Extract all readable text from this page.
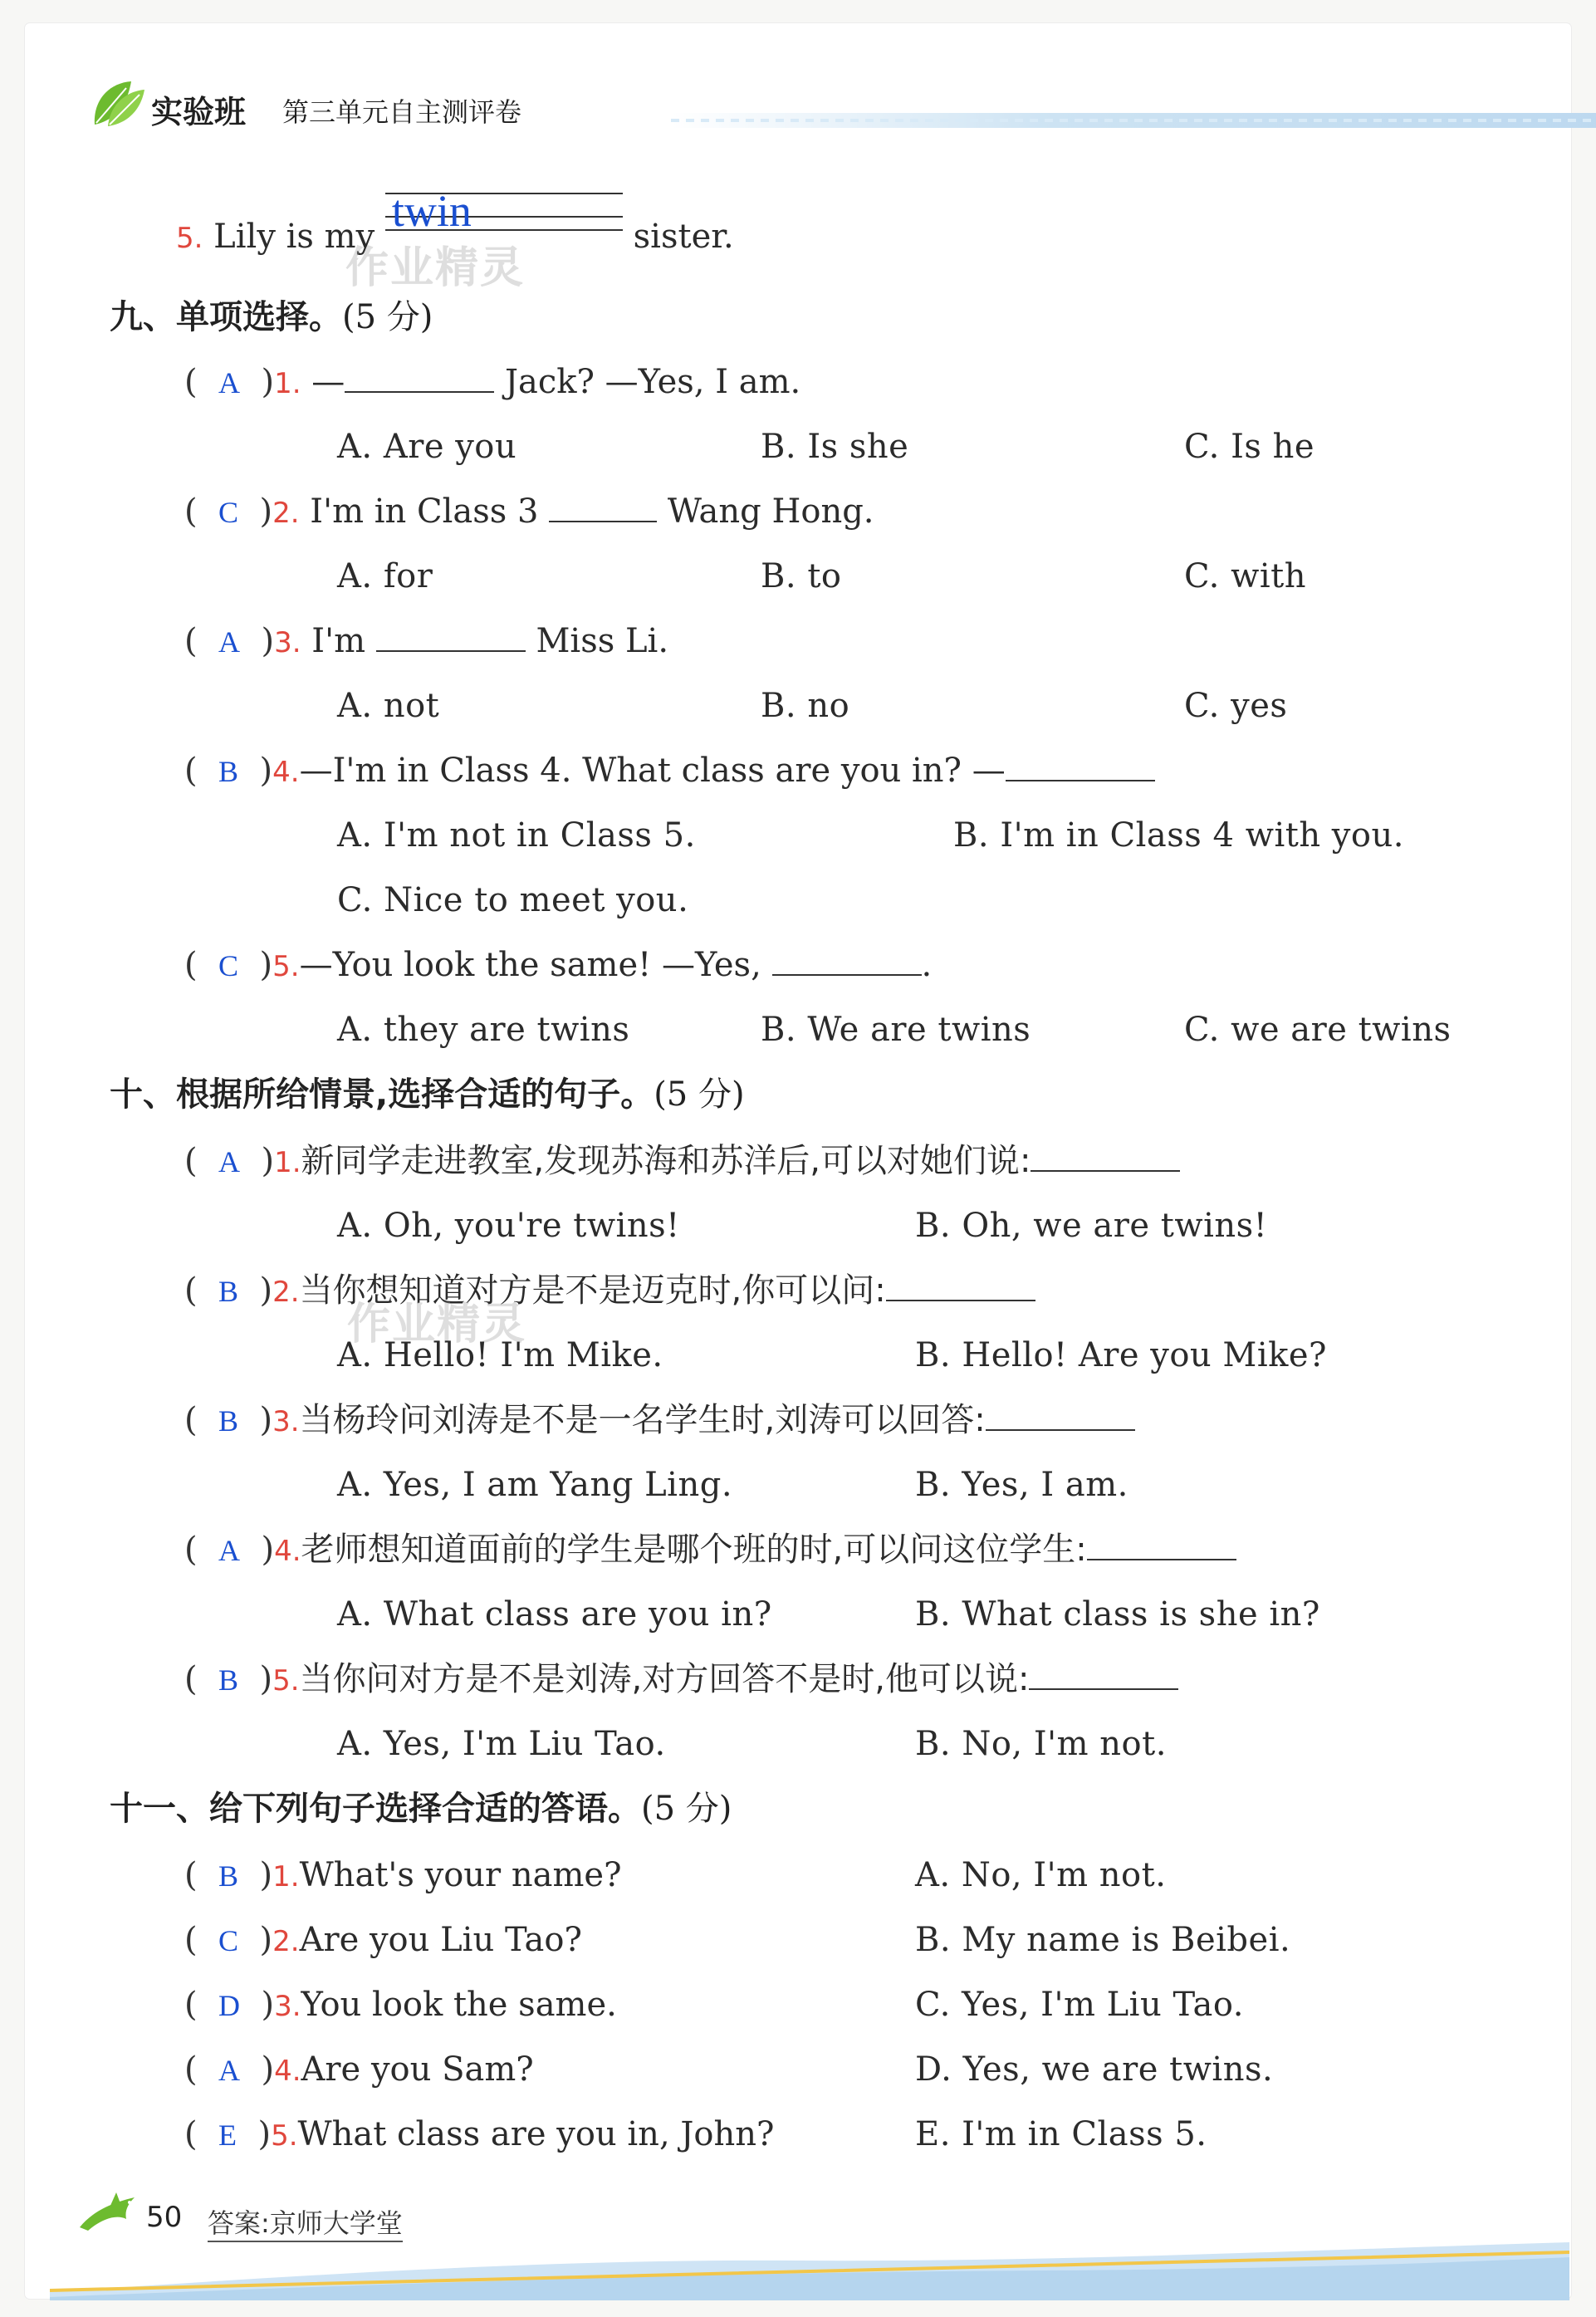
实验班 第三单元自主测评卷
5. Lily is my
twin
sister.
作业精灵
九、单项选择。(5 分)
( A )1. —	Jack? —Yes, I am.
A. Are you	B. Is she	C. Is he
( C )2. I'm in Class 3	Wang Hong.
A. for	B. to	C. with
( A )3. I'm	Miss Li.
A. not	B. no	C. yes
( B )4.—I'm in Class 4. What class are you in? —
A. I'm not in Class 5.	B. I'm in Class 4 with you.
C. Nice to meet you.
( C )5.—You look the same! —Yes,	.
A. they are twins	B. We are twins	C. we are twins
十、根据所给情景,选择合适的句子。(5 分)
( A )1.新同学走进教室,发现苏海和苏洋后,可以对她们说:
A. Oh, you're twins!	B. Oh, we are twins!
( B )2.当你想知道对方是不是迈克时,你可以问:
作业精灵
A. Hello! I'm Mike.	B. Hello! Are you Mike?
( B )3.当杨玲问刘涛是不是一名学生时,刘涛可以回答:
A. Yes, I am Yang Ling.	B. Yes, I am.
( A )4.老师想知道面前的学生是哪个班的时,可以问这位学生:
A. What class are you in?	B. What class is she in?
( B )5.当你问对方是不是刘涛,对方回答不是时,他可以说:
A. Yes, I'm Liu Tao.	B. No, I'm not.
十一、给下列句子选择合适的答语。(5 分)
( B )1.What's your name?	A. No, I'm not.
( C )2.Are you Liu Tao?	B. My name is Beibei.
( D )3.You look the same.	C. Yes, I'm Liu Tao.
( A )4.Are you Sam?	D. Yes, we are twins.
( E )5.What class are you in, John?	E. I'm in Class 5.
50 答案:京师大学堂
